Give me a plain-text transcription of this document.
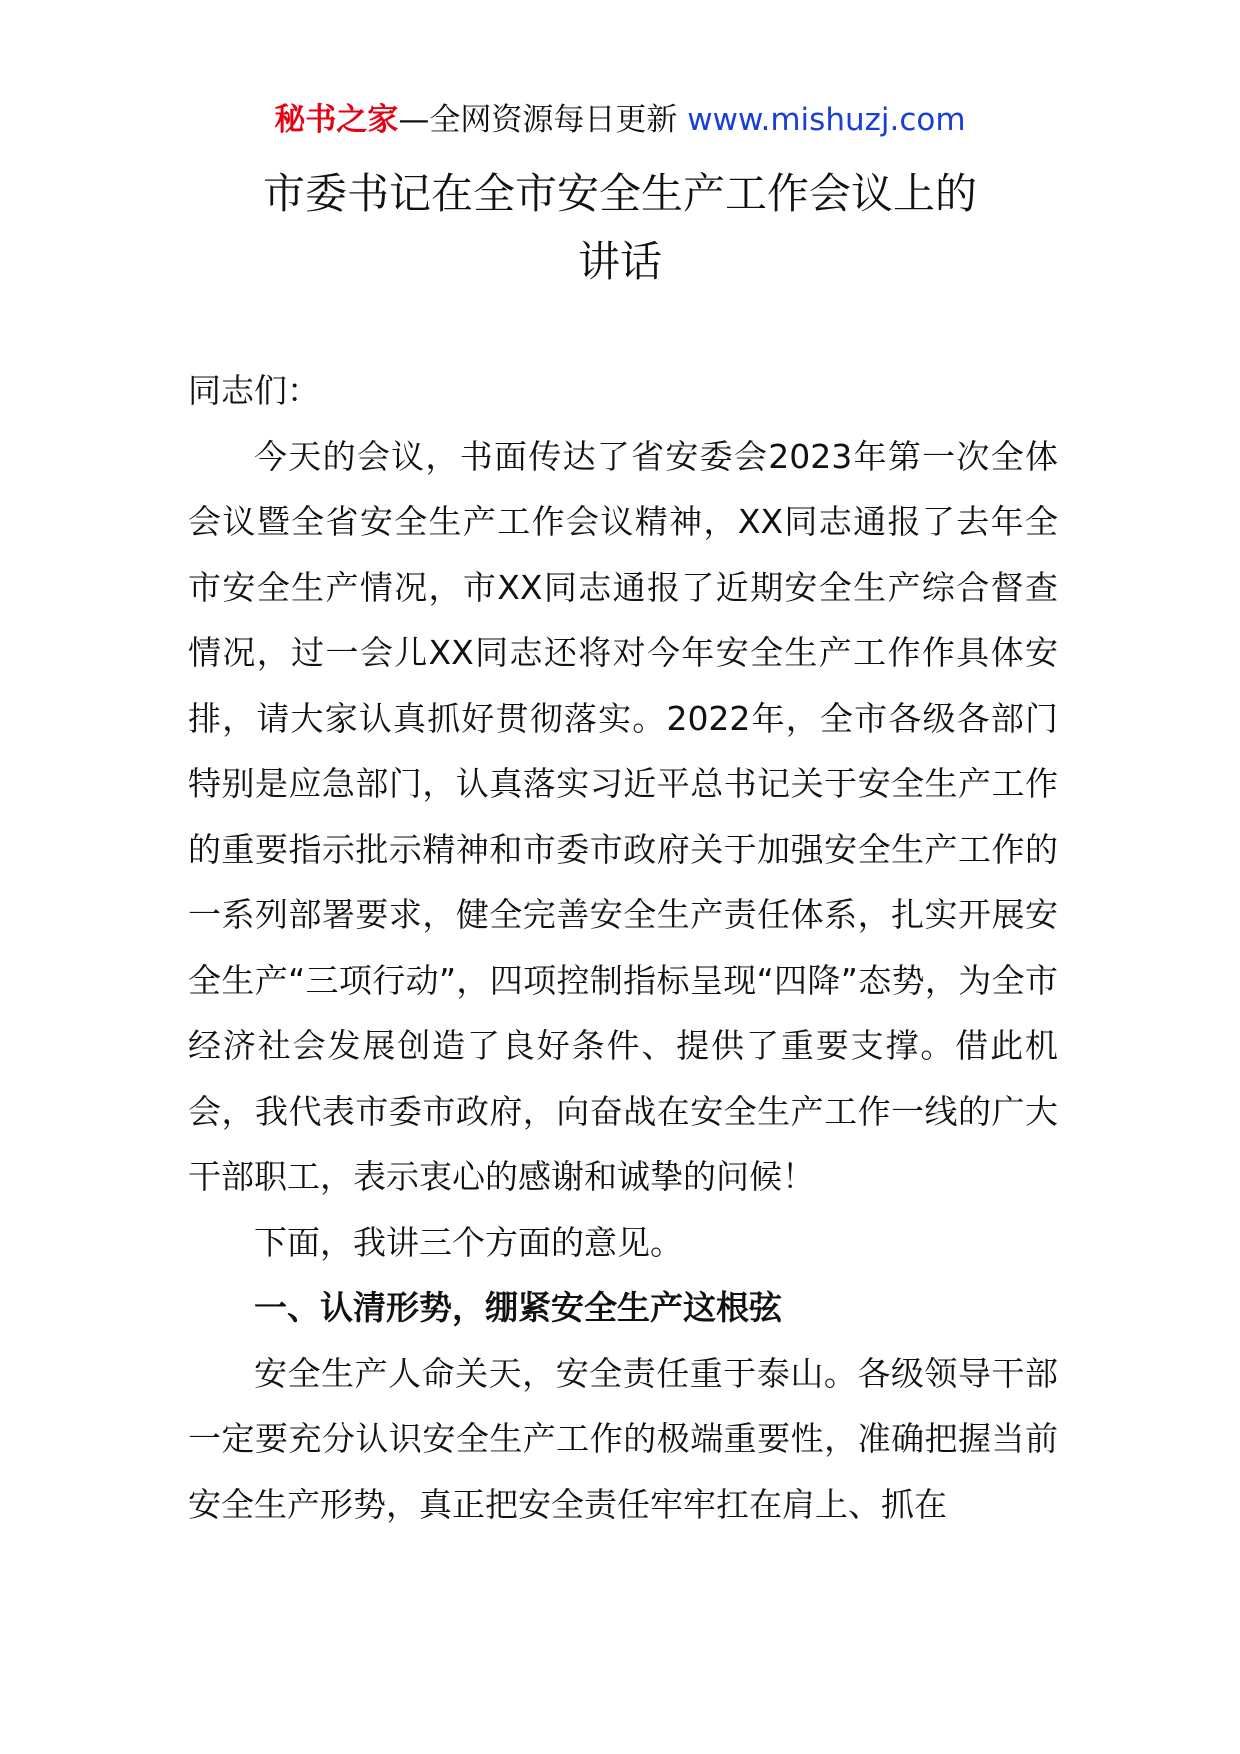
秘书之家—全网资源每日更新 www.mishuzj.com
市委书记在全市安全生产工作会议上的
讲话

同志们：

今天的会议，书面传达了省安委会2023年第一次全体会议暨全省安全生产工作会议精神，XX同志通报了去年全市安全生产情况，市XX同志通报了近期安全生产综合督查情况，过一会儿XX同志还将对今年安全生产工作作具体安排，请大家认真抓好贯彻落实。2022年，全市各级各部门特别是应急部门，认真落实习近平总书记关于安全生产工作的重要指示批示精神和市委市政府关于加强安全生产工作的一系列部署要求，健全完善安全生产责任体系，扎实开展安全生产“三项行动”，四项控制指标呈现“四降”态势，为全市经济社会发展创造了良好条件、提供了重要支撑。借此机会，我代表市委市政府，向奋战在安全生产工作一线的广大干部职工，表示衷心的感谢和诚挚的问候！

下面，我讲三个方面的意见。

一、认清形势，绷紧安全生产这根弦

安全生产人命关天，安全责任重于泰山。各级领导干部一定要充分认识安全生产工作的极端重要性，准确把握当前安全生产形势，真正把安全责任牢牢扛在肩上、抓在
